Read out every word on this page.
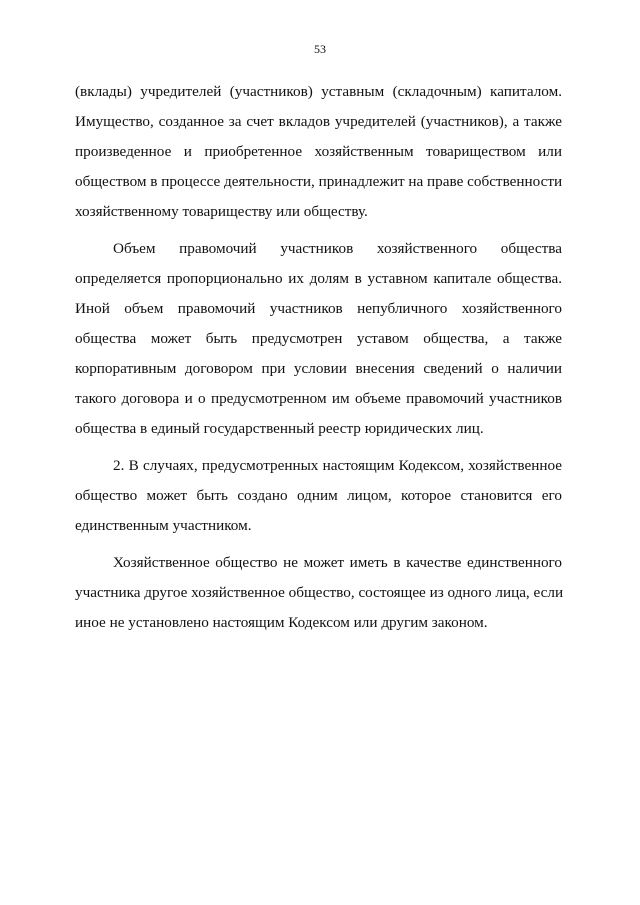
53
(вклады) учредителей (участников) уставным (складочным) капиталом.
Имущество, созданное за счет вкладов учредителей (участников), а также
произведенное и приобретенное хозяйственным товариществом или
обществом в процессе деятельности, принадлежит на праве собственности
хозяйственному товариществу или обществу.
Объем правомочий участников хозяйственного общества
определяется пропорционально их долям в уставном капитале общества.
Иной объем правомочий участников непубличного хозяйственного
общества может быть предусмотрен уставом общества, а также
корпоративным договором при условии внесения сведений о наличии
такого договора и о предусмотренном им объеме правомочий участников
общества в единый государственный реестр юридических лиц.
2. В случаях, предусмотренных настоящим Кодексом, хозяйственное
общество может быть создано одним лицом, которое становится его
единственным участником.
Хозяйственное общество не может иметь в качестве единственного
участника другое хозяйственное общество, состоящее из одного лица, если
иное не установлено настоящим Кодексом или другим законом.
